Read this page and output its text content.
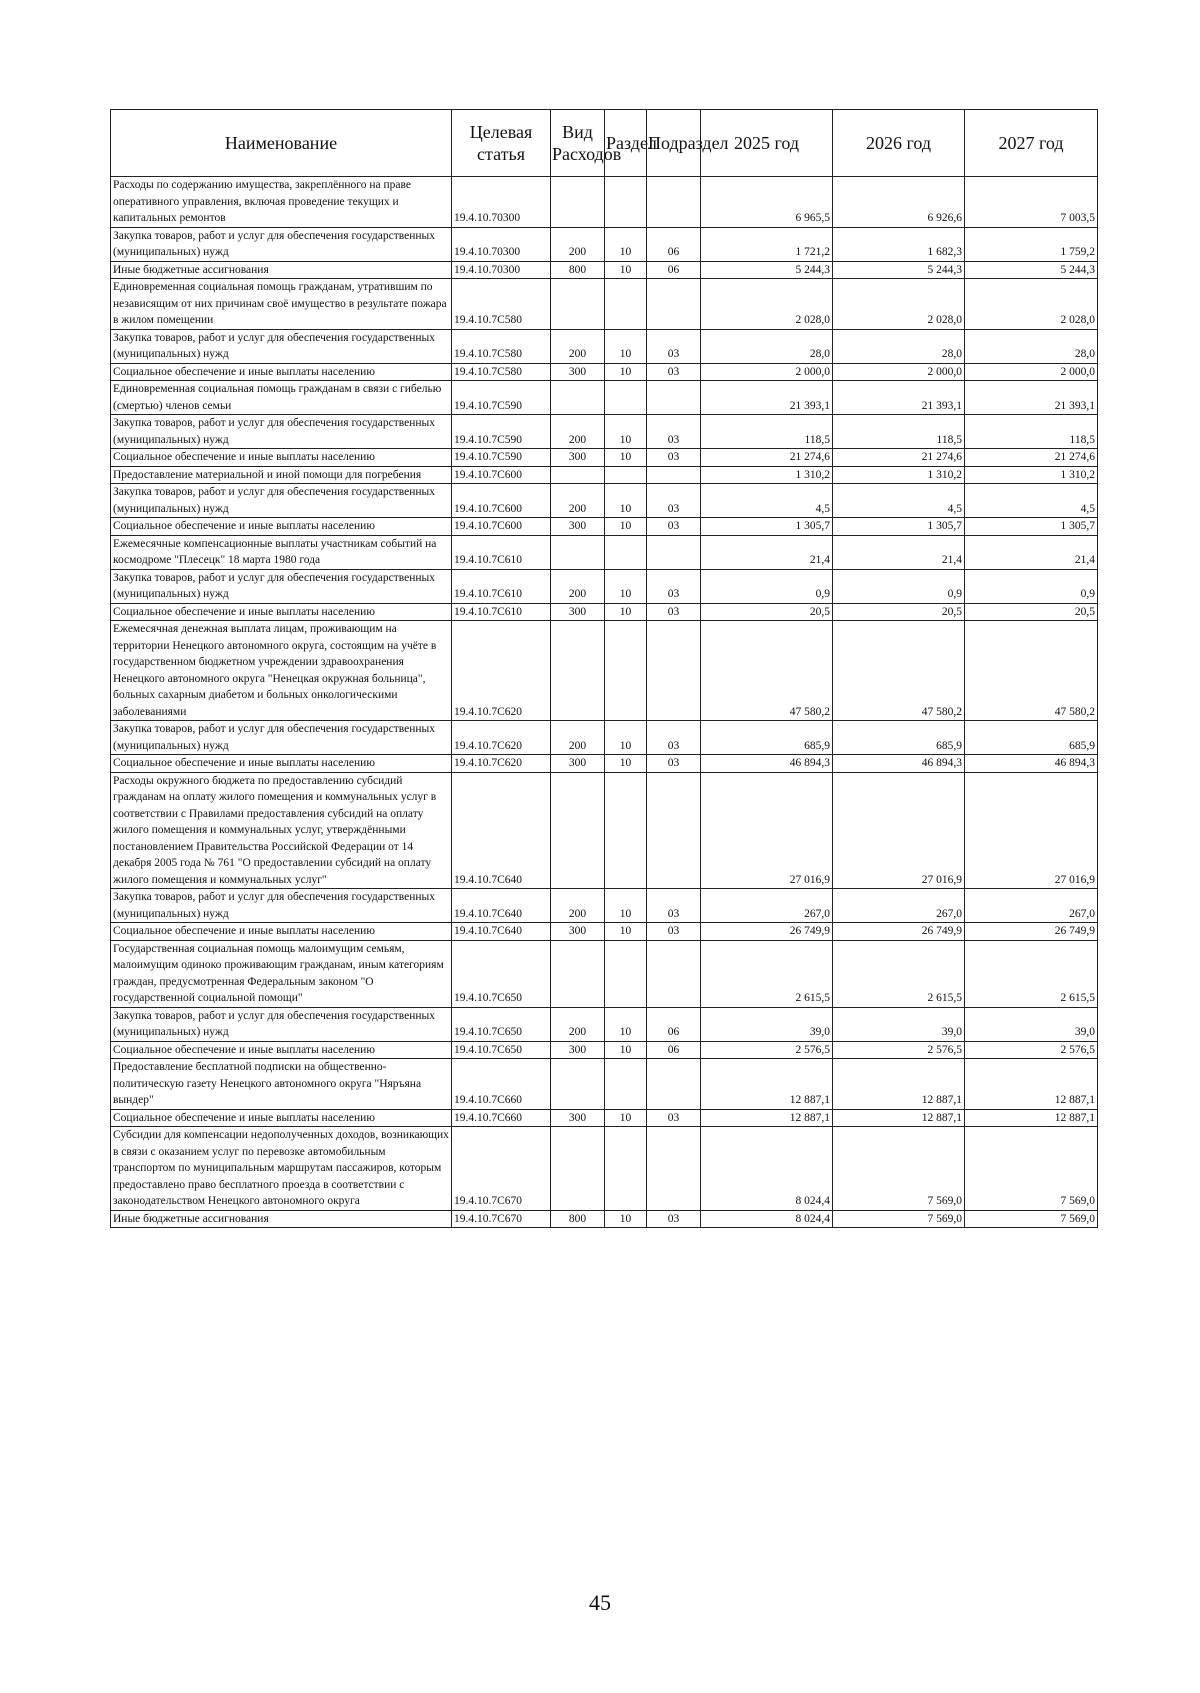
Наименование	Целевая статья	Вид Расходов	Раздел	Подраздел	2025 год	2026 год	2027 год
Расходы по содержанию имущества, закреплённого на праве оперативного управления, включая проведение текущих и капитальных ремонтов	19.4.10.70300				6 965,5	6 926,6	7 003,5
Закупка товаров, работ и услуг для обеспечения государственных (муниципальных) нужд	19.4.10.70300	200	10	06	1 721,2	1 682,3	1 759,2
Иные бюджетные ассигнования	19.4.10.70300	800	10	06	5 244,3	5 244,3	5 244,3
Единовременная социальная помощь гражданам, утратившим по независящим от них причинам своё имущество в результате пожара в жилом помещении	19.4.10.7С580				2 028,0	2 028,0	2 028,0
Закупка товаров, работ и услуг для обеспечения государственных (муниципальных) нужд	19.4.10.7С580	200	10	03	28,0	28,0	28,0
Социальное обеспечение и иные выплаты населению	19.4.10.7С580	300	10	03	2 000,0	2 000,0	2 000,0
Единовременная социальная помощь гражданам в связи с гибелью (смертью) членов семьи	19.4.10.7С590				21 393,1	21 393,1	21 393,1
Закупка товаров, работ и услуг для обеспечения государственных (муниципальных) нужд	19.4.10.7С590	200	10	03	118,5	118,5	118,5
Социальное обеспечение и иные выплаты населению	19.4.10.7С590	300	10	03	21 274,6	21 274,6	21 274,6
Предоставление материальной и иной помощи для погребения	19.4.10.7С600				1 310,2	1 310,2	1 310,2
Закупка товаров, работ и услуг для обеспечения государственных (муниципальных) нужд	19.4.10.7С600	200	10	03	4,5	4,5	4,5
Социальное обеспечение и иные выплаты населению	19.4.10.7С600	300	10	03	1 305,7	1 305,7	1 305,7
Ежемесячные компенсационные выплаты участникам событий на космодроме "Плесецк" 18 марта 1980 года	19.4.10.7С610				21,4	21,4	21,4
Закупка товаров, работ и услуг для обеспечения государственных (муниципальных) нужд	19.4.10.7С610	200	10	03	0,9	0,9	0,9
Социальное обеспечение и иные выплаты населению	19.4.10.7С610	300	10	03	20,5	20,5	20,5
Ежемесячная денежная выплата лицам, проживающим на территории Ненецкого автономного округа, состоящим на учёте в государственном бюджетном учреждении здравоохранения Ненецкого автономного округа "Ненецкая окружная больница", больных сахарным диабетом и больных онкологическими заболеваниями	19.4.10.7С620				47 580,2	47 580,2	47 580,2
Закупка товаров, работ и услуг для обеспечения государственных (муниципальных) нужд	19.4.10.7С620	200	10	03	685,9	685,9	685,9
Социальное обеспечение и иные выплаты населению	19.4.10.7С620	300	10	03	46 894,3	46 894,3	46 894,3
Расходы окружного бюджета по предоставлению субсидий гражданам на оплату жилого помещения и коммунальных услуг в соответствии с Правилами предоставления субсидий на оплату жилого помещения и коммунальных услуг, утверждёнными постановлением Правительства Российской Федерации от 14 декабря 2005 года № 761 "О предоставлении субсидий на оплату жилого помещения и коммунальных услуг"	19.4.10.7С640				27 016,9	27 016,9	27 016,9
Закупка товаров, работ и услуг для обеспечения государственных (муниципальных) нужд	19.4.10.7С640	200	10	03	267,0	267,0	267,0
Социальное обеспечение и иные выплаты населению	19.4.10.7С640	300	10	03	26 749,9	26 749,9	26 749,9
Государственная социальная помощь малоимущим семьям, малоимущим одиноко проживающим гражданам, иным категориям граждан, предусмотренная Федеральным законом "О государственной социальной помощи"	19.4.10.7С650				2 615,5	2 615,5	2 615,5
Закупка товаров, работ и услуг для обеспечения государственных (муниципальных) нужд	19.4.10.7С650	200	10	06	39,0	39,0	39,0
Социальное обеспечение и иные выплаты населению	19.4.10.7С650	300	10	06	2 576,5	2 576,5	2 576,5
Предоставление бесплатной подписки на общественно-политическую газету Ненецкого автономного округа "Няръяна вындер"	19.4.10.7С660				12 887,1	12 887,1	12 887,1
Социальное обеспечение и иные выплаты населению	19.4.10.7С660	300	10	03	12 887,1	12 887,1	12 887,1
Субсидии для компенсации недополученных доходов, возникающих в связи с оказанием услуг по перевозке автомобильным транспортом по муниципальным маршрутам пассажиров, которым предоставлено право бесплатного проезда в соответствии с законодательством Ненецкого автономного округа	19.4.10.7С670				8 024,4	7 569,0	7 569,0
Иные бюджетные ассигнования	19.4.10.7С670	800	10	03	8 024,4	7 569,0	7 569,0
45
